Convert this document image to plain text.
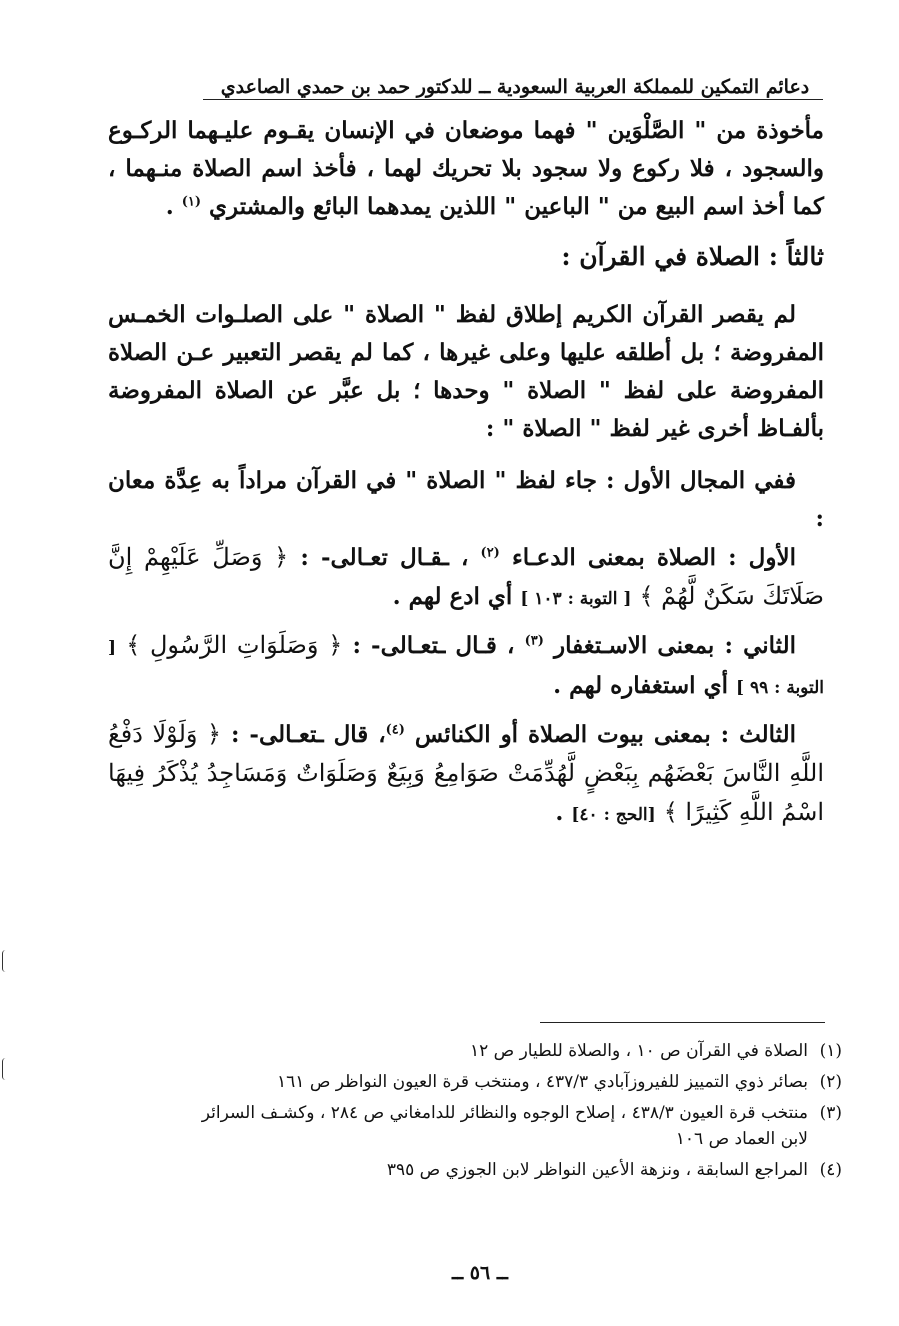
دعائم التمكين للمملكة العربية السعودية ــ للدكتور حمد بن حمدي الصاعدي

مأخوذة من " الصَّلْوَين " فهما موضعان في الإنسان يقـوم عليـهما الركـوع والسجود ، فلا ركوع ولا سجود بلا تحريك لهما ، فأخذ اسم الصلاة منـهما ، كما أخذ اسم البيع من " الباعين " اللذين يمدهما البائع والمشتري $^{(١)}$ .

ثالثاً : الصلاة في القرآن :

لم يقصر القرآن الكريم إطلاق لفظ " الصلاة " على الصلـوات الخمـس المفروضة ؛ بل أطلقه عليها وعلى غيرها ، كما لم يقصر التعبير عـن الصلاة المفروضة على لفظ " الصلاة " وحدها ؛ بل عبَّر عن الصلاة المفروضة بألفـاظ أخرى غير لفظ " الصلاة " :

ففي المجال الأول : جاء لفظ " الصلاة " في القرآن مراداً به عِدَّة معان :

الأول : الصلاة بمعنى الدعـاء $^{(٢)}$ ، ـقـال تعـالى- : ﴿ وَصَلِّ عَلَيْهِمْ إِنَّ صَلَاتَكَ سَكَنٌ لَّهُمْ ﴾ [ التوبة : ١٠٣ ] أي ادع لهم .

الثاني : بمعنى الاسـتغفار $^{(٣)}$ ، قـال ـتعـالى- : ﴿ وَصَلَوَاتِ الرَّسُولِ ﴾ [ التوبة : ٩٩ ] أي استغفاره لهم .

الثالث : بمعنى بيوت الصلاة أو الكنائس $^{(٤)}$، قال ـتعـالى- : ﴿ وَلَوْلَا دَفْعُ اللَّهِ النَّاسَ بَعْضَهُم بِبَعْضٍ لَّهُدِّمَتْ صَوَامِعُ وَبِيَعٌ وَصَلَوَاتٌ وَمَسَاجِدُ يُذْكَرُ فِيهَا اسْمُ اللَّهِ كَثِيرًا ﴾ [الحج : ٤٠] .

(١)
الصلاة في القرآن ص ١٠ ، والصلاة للطيار ص ١٢
(٢)
بصائر ذوي التمييز للفيروزآبادي ٤٣٧/٣ ، ومنتخب قرة العيون النواظر ص ١٦١
(٣)
منتخب قرة العيون ٤٣٨/٣ ، إصلاح الوجوه والنظائر للدامغاني ص ٢٨٤ ، وكشـف السرائر لابن العماد ص ١٠٦
(٤)
المراجع السابقة ، ونزهة الأعين النواظر لابن الجوزي ص ٣٩٥
ــ ٥٦ ــ
